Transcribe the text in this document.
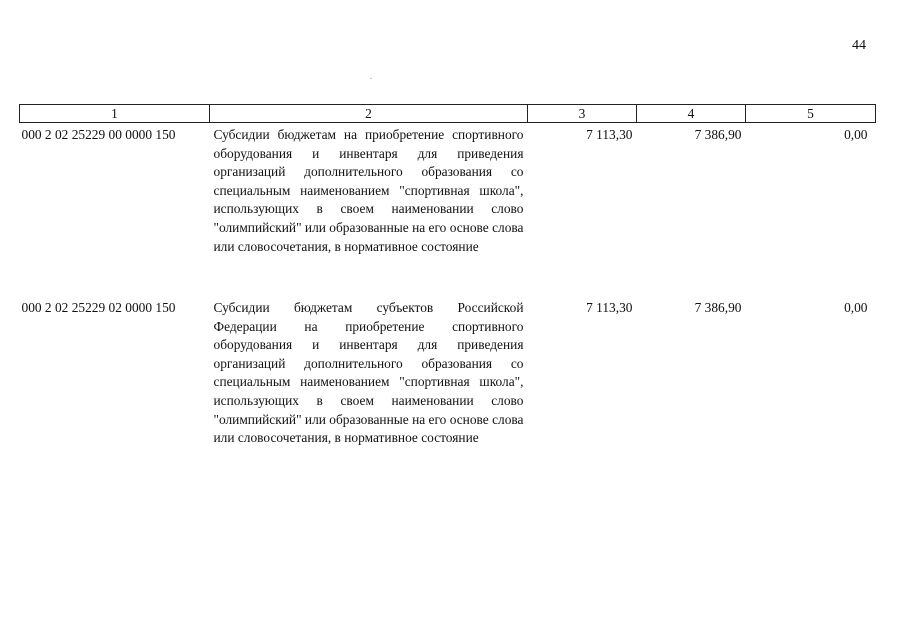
44
1	2	3	4	5
000 2 02 25229 00 0000 150	Субсидии бюджетам на приобретение спортивного оборудования и инвентаря для приведения организаций дополнительного образования со специальным наименованием "спортивная школа", использующих в своем наименовании слово "олимпийский" или образованные на его основе слова или словосочетания, в нормативное состояние	7 113,30	7 386,90	0,00
000 2 02 25229 02 0000 150	Субсидии бюджетам субъектов Российской Федерации на приобретение спортивного оборудования и инвентаря для приведения организаций дополнительного образования со специальным наименованием "спортивная школа", использующих в своем наименовании слово "олимпийский" или образованные на его основе слова или словосочетания, в нормативное состояние	7 113,30	7 386,90	0,00
